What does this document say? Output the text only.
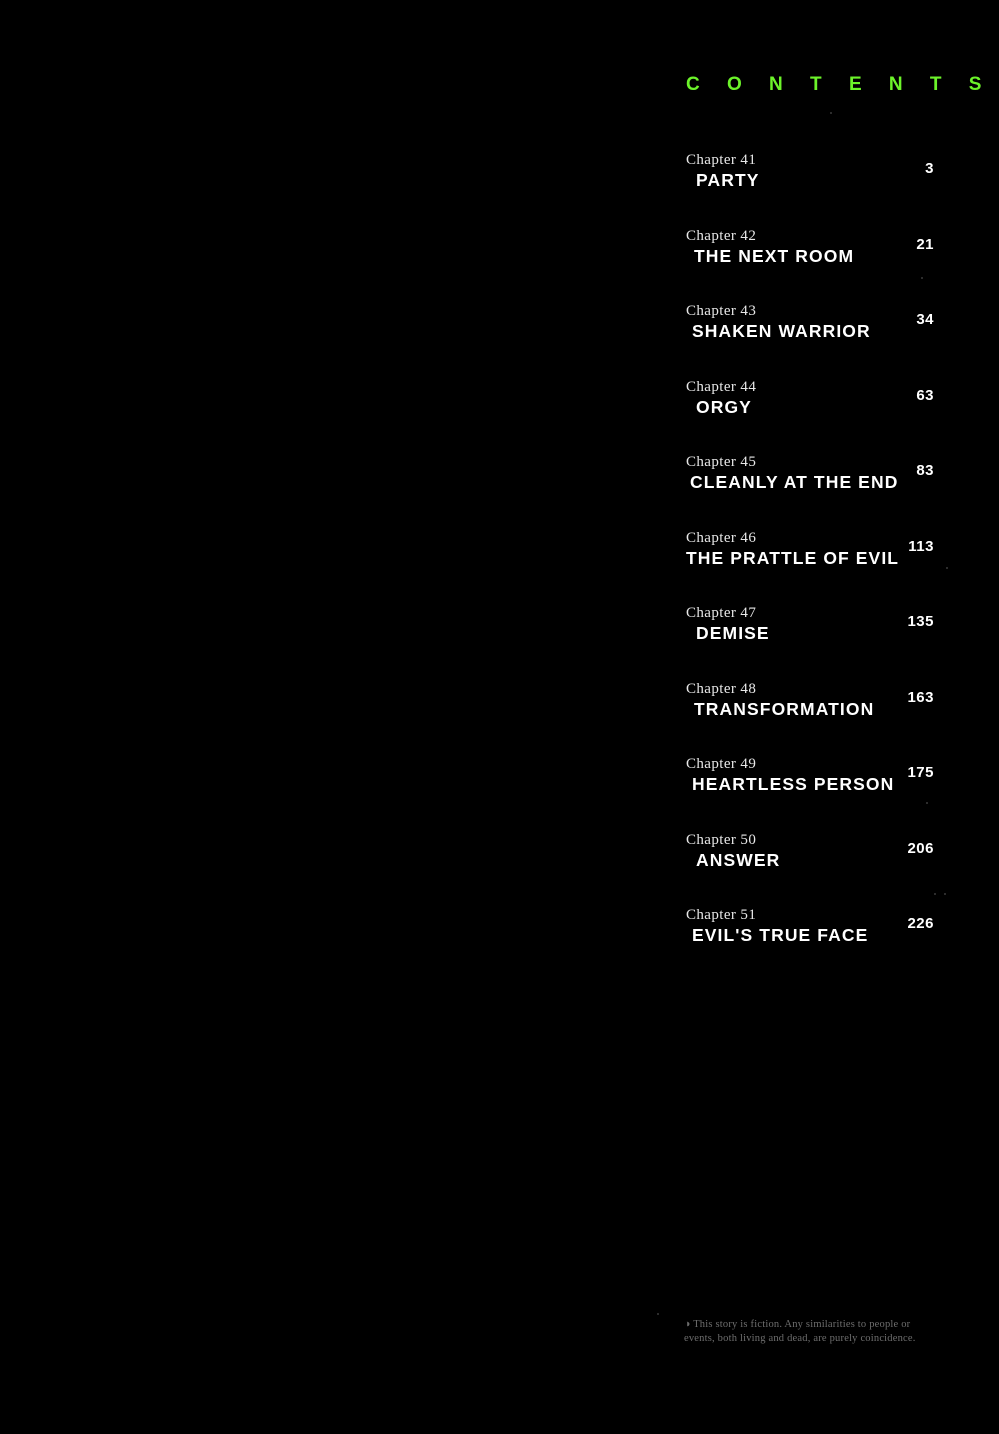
C O N T E N T S
Chapter 41
PARTY
3
Chapter 42
THE NEXT ROOM
21
Chapter 43
SHAKEN WARRIOR
34
Chapter 44
ORGY
63
Chapter 45
CLEANLY AT THE END
83
Chapter 46
THE PRATTLE OF EVIL
113
Chapter 47
DEMISE
135
Chapter 48
TRANSFORMATION
163
Chapter 49
HEARTLESS PERSON
175
Chapter 50
ANSWER
206
Chapter 51
EVIL'S TRUE FACE
226
◑ This story is fiction. Any similarities to people or events, both living and dead, are purely coincidence.
